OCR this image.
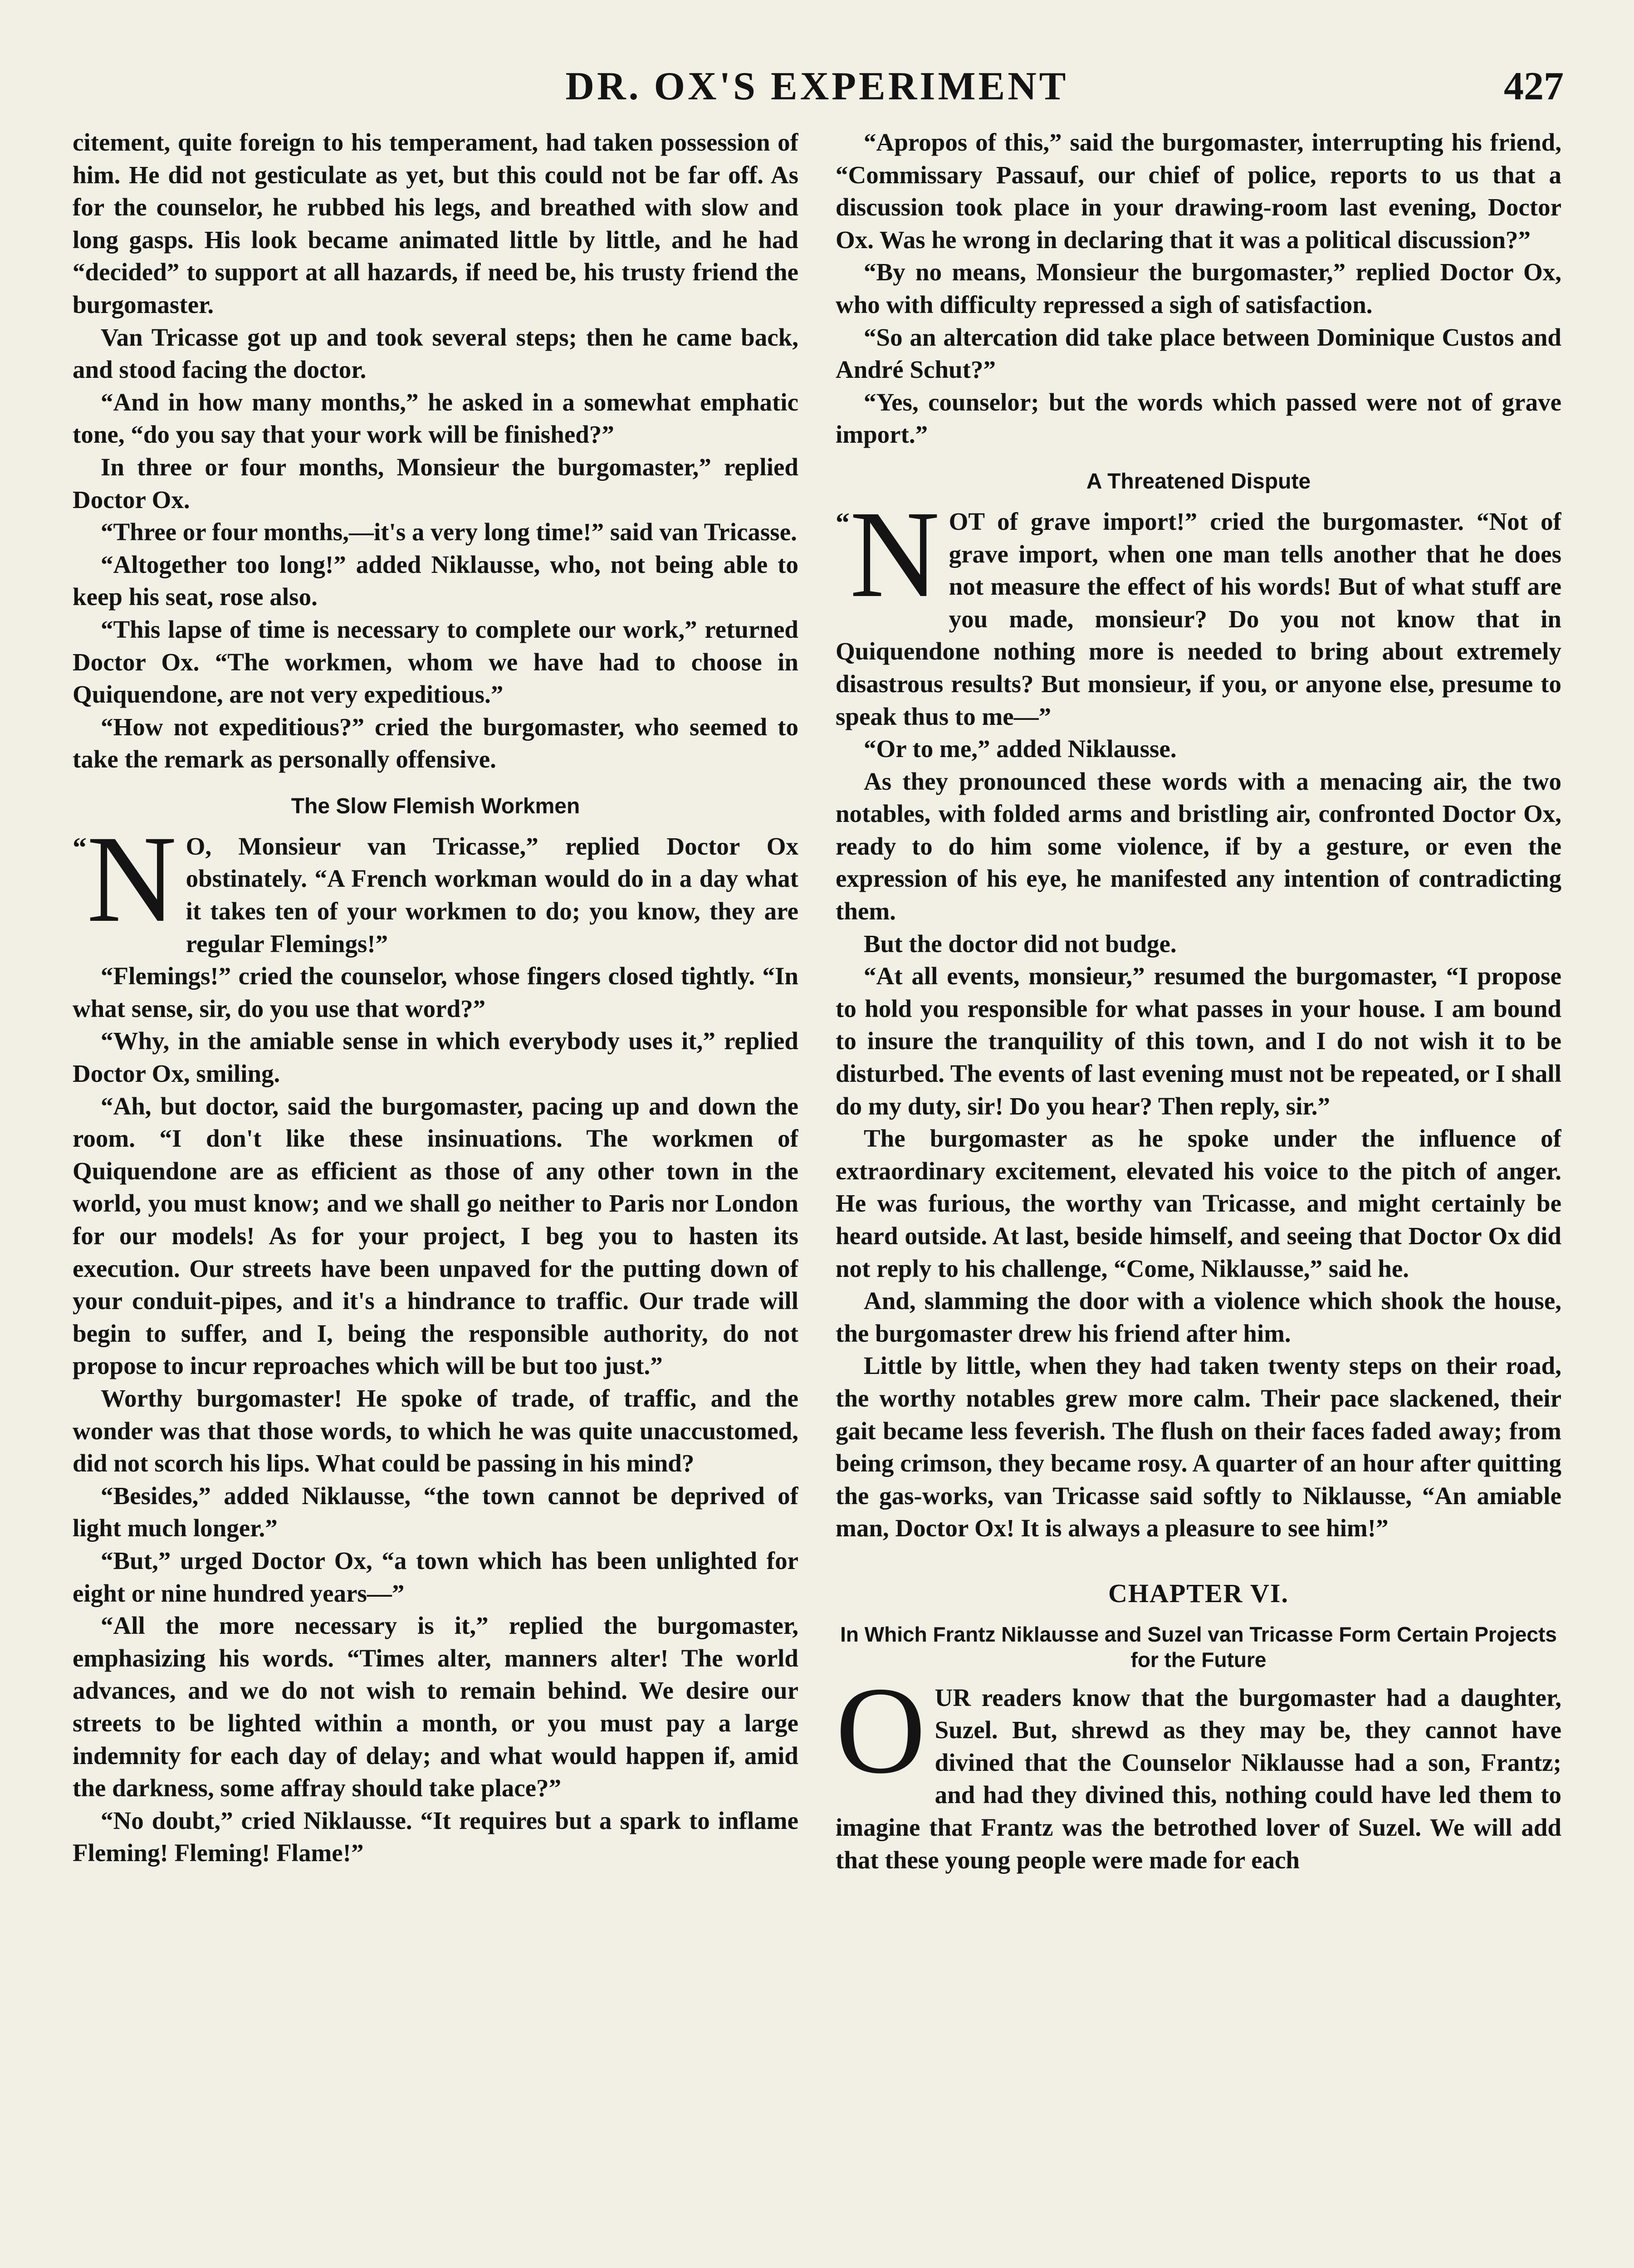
DR. OX'S EXPERIMENT	427

citement, quite foreign to his temperament, had taken possession of him. He did not gesticulate as yet, but this could not be far off. As for the counselor, he rubbed his legs, and breathed with slow and long gasps. His look became animated little by little, and he had “decided” to support at all hazards, if need be, his trusty friend the burgomaster.

Van Tricasse got up and took several steps; then he came back, and stood facing the doctor.

“And in how many months,” he asked in a somewhat emphatic tone, “do you say that your work will be finished?”

In three or four months, Monsieur the burgomaster,” replied Doctor Ox.

“Three or four months,—it's a very long time!” said van Tricasse.

“Altogether too long!” added Niklausse, who, not being able to keep his seat, rose also.

“This lapse of time is necessary to complete our work,” returned Doctor Ox. “The workmen, whom we have had to choose in Quiquendone, are not very expeditious.”

“How not expeditious?” cried the burgomaster, who seemed to take the remark as personally offensive.

The Slow Flemish Workmen

“ N O, Monsieur van Tricasse,” replied Doctor Ox obstinately. “A French workman would do in a day what it takes ten of your workmen to do; you know, they are regular Flemings!”

“Flemings!” cried the counselor, whose fingers closed tightly. “In what sense, sir, do you use that word?”

“Why, in the amiable sense in which everybody uses it,” replied Doctor Ox, smiling.

“Ah, but doctor, said the burgomaster, pacing up and down the room. “I don't like these insinuations. The workmen of Quiquendone are as efficient as those of any other town in the world, you must know; and we shall go neither to Paris nor London for our models! As for your project, I beg you to hasten its execution. Our streets have been unpaved for the putting down of your conduit-pipes, and it's a hindrance to traffic. Our trade will begin to suffer, and I, being the responsible authority, do not propose to incur reproaches which will be but too just.”

Worthy burgomaster! He spoke of trade, of traffic, and the wonder was that those words, to which he was quite unaccustomed, did not scorch his lips. What could be passing in his mind?

“Besides,” added Niklausse, “the town cannot be deprived of light much longer.”

“But,” urged Doctor Ox, “a town which has been unlighted for eight or nine hundred years—”

“All the more necessary is it,” replied the burgomaster, emphasizing his words. “Times alter, manners alter! The world advances, and we do not wish to remain behind. We desire our streets to be lighted within a month, or you must pay a large indemnity for each day of delay; and what would happen if, amid the darkness, some affray should take place?”

“No doubt,” cried Niklausse. “It requires but a spark to inflame Fleming! Fleming! Flame!”

“Apropos of this,” said the burgomaster, interrupting his friend, “Commissary Passauf, our chief of police, reports to us that a discussion took place in your drawing-room last evening, Doctor Ox. Was he wrong in declaring that it was a political discussion?”

“By no means, Monsieur the burgomaster,” replied Doctor Ox, who with difficulty repressed a sigh of satisfaction.

“So an altercation did take place between Dominique Custos and André Schut?”

“Yes, counselor; but the words which passed were not of grave import.”

A Threatened Dispute

“ N OT of grave import!” cried the burgomaster. “Not of grave import, when one man tells another that he does not measure the effect of his words! But of what stuff are you made, monsieur? Do you not know that in Quiquendone nothing more is needed to bring about extremely disastrous results? But monsieur, if you, or anyone else, presume to speak thus to me—”

“Or to me,” added Niklausse.

As they pronounced these words with a menacing air, the two notables, with folded arms and bristling air, confronted Doctor Ox, ready to do him some violence, if by a gesture, or even the expression of his eye, he manifested any intention of contradicting them.

But the doctor did not budge.

“At all events, monsieur,” resumed the burgomaster, “I propose to hold you responsible for what passes in your house. I am bound to insure the tranquility of this town, and I do not wish it to be disturbed. The events of last evening must not be repeated, or I shall do my duty, sir! Do you hear? Then reply, sir.”

The burgomaster as he spoke under the influence of extraordinary excitement, elevated his voice to the pitch of anger. He was furious, the worthy van Tricasse, and might certainly be heard outside. At last, beside himself, and seeing that Doctor Ox did not reply to his challenge, “Come, Niklausse,” said he.

And, slamming the door with a violence which shook the house, the burgomaster drew his friend after him.

Little by little, when they had taken twenty steps on their road, the worthy notables grew more calm. Their pace slackened, their gait became less feverish. The flush on their faces faded away; from being crimson, they became rosy. A quarter of an hour after quitting the gas-works, van Tricasse said softly to Niklausse, “An amiable man, Doctor Ox! It is always a pleasure to see him!”

CHAPTER VI.
In Which Frantz Niklausse and Suzel van Tricasse Form Certain Projects for the Future

OUR readers know that the burgomaster had a daughter, Suzel. But, shrewd as they may be, they cannot have divined that the Counselor Niklausse had a son, Frantz; and had they divined this, nothing could have led them to imagine that Frantz was the betrothed lover of Suzel. We will add that these young people were made for each
